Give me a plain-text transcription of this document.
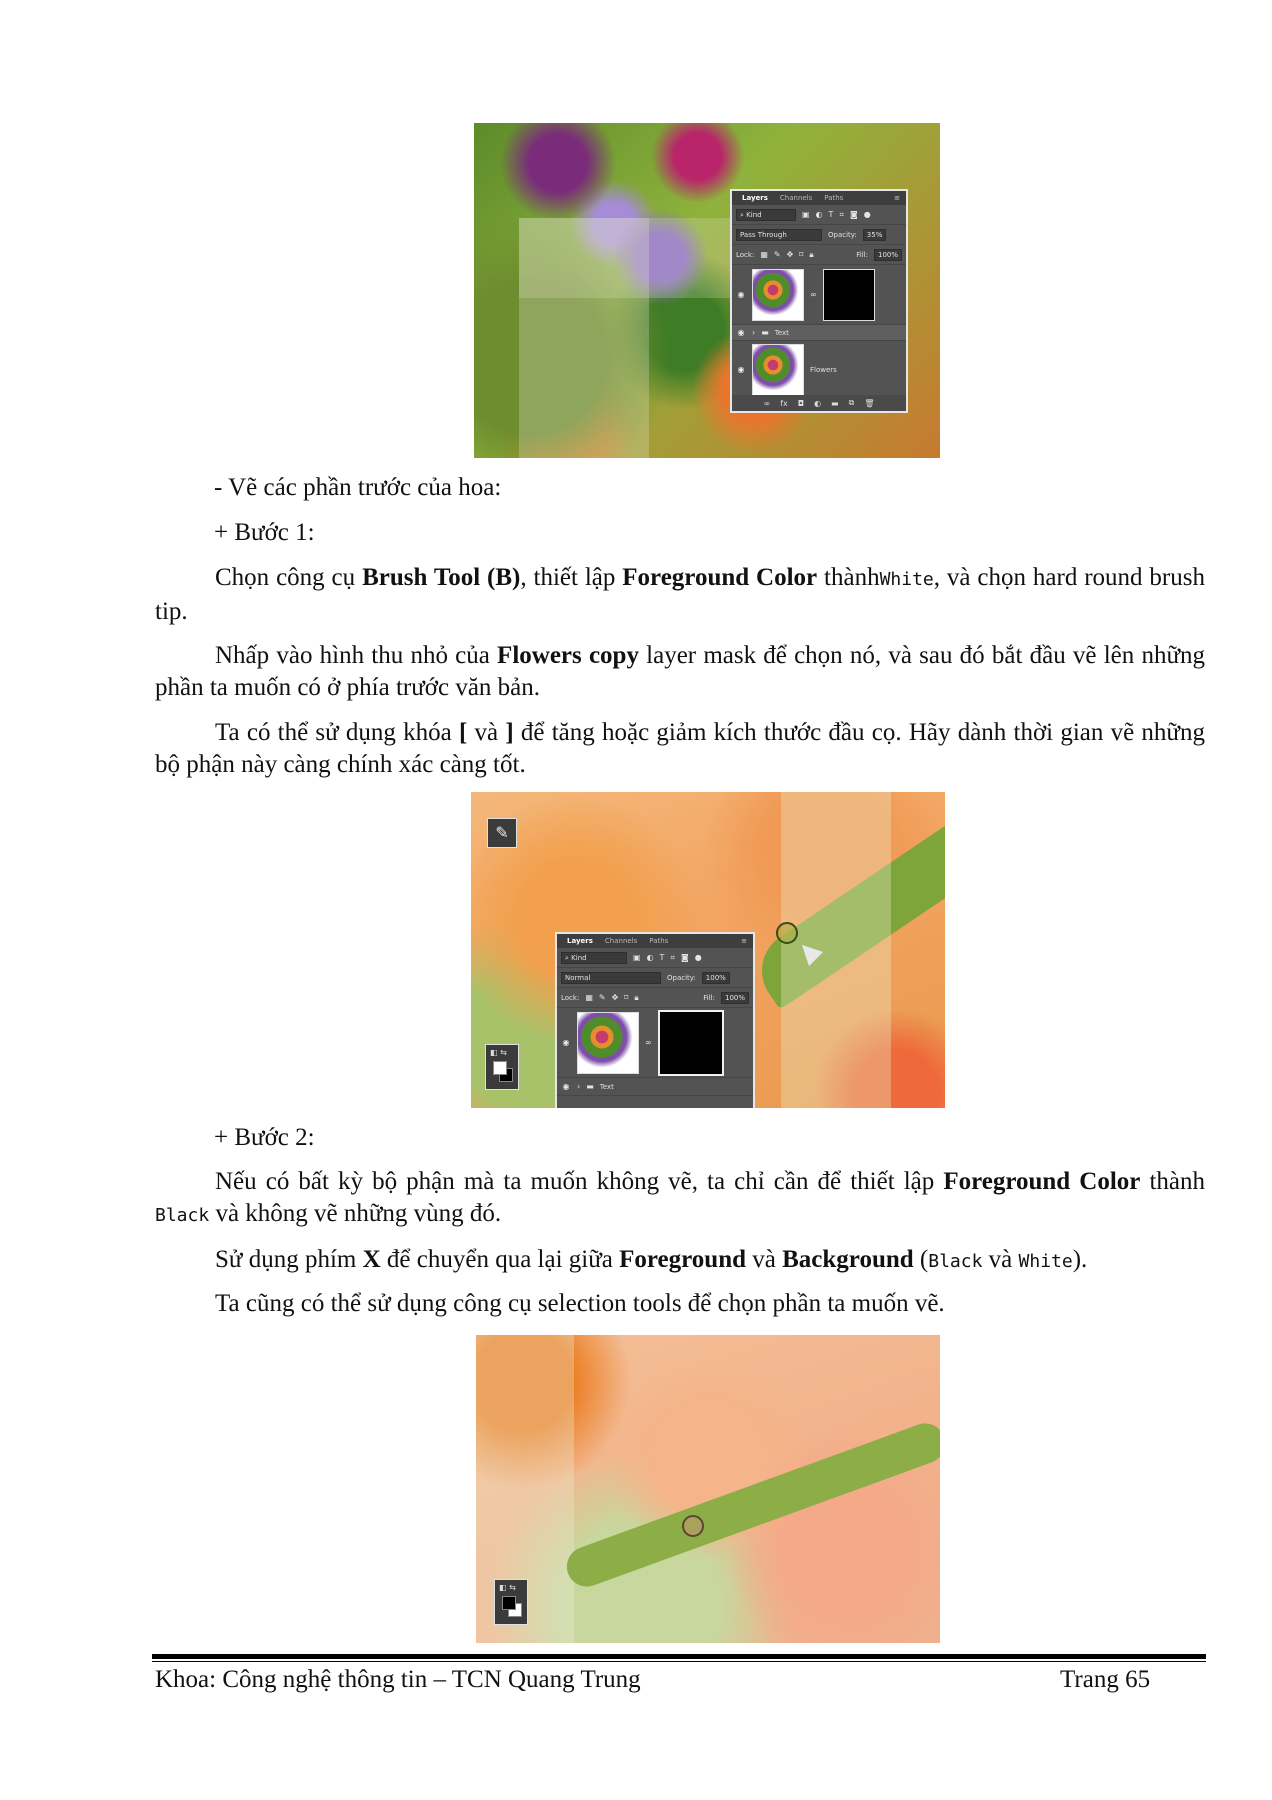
Layers	Channels	Paths	≡
⌕ Kind	▣ ◐ T ⌗ ◙ ●
Pass Through	Opacity:	35%
Lock: ▦ ✎ ✥ ⌑ 🔒︎	Fill:	100%
◉	∞
◉ › ▬ Text
◉	Flowers
∞ fx ◘ ◐ ▬ ⧉ 🗑︎
- Vẽ các phần trước của hoa:
+ Bước 1:
Chọn công cụ Brush Tool (B), thiết lập Foreground Color thànhWhite, và chọn hard round brush tip.
Nhấp vào hình thu nhỏ của Flowers copy layer mask để chọn nó, và sau đó bắt đầu vẽ lên những phần ta muốn có ở phía trước văn bản.
Ta có thể sử dụng khóa [ và ] để tăng hoặc giảm kích thước đầu cọ. Hãy dành thời gian vẽ những bộ phận này càng chính xác càng tốt.
✎
◧ ⇆
Layers	Channels	Paths	≡
⌕ Kind	▣ ◐ T ⌗ ◙ ●
Normal	Opacity:	100%
Lock: ▦ ✎ ✥ ⌑ 🔒︎	Fill:	100%
◉	∞
◉ › ▬ Text
+ Bước 2:
Nếu có bất kỳ bộ phận mà ta muốn không vẽ, ta chỉ cần để thiết lập Foreground Color thành Black và không vẽ những vùng đó.
Sử dụng phím X để chuyển qua lại giữa Foreground và Background (Black và White).
Ta cũng có thể sử dụng công cụ selection tools để chọn phần ta muốn vẽ.
◧ ⇆
Khoa: Công nghệ thông tin – TCN Quang Trung	Trang 65
